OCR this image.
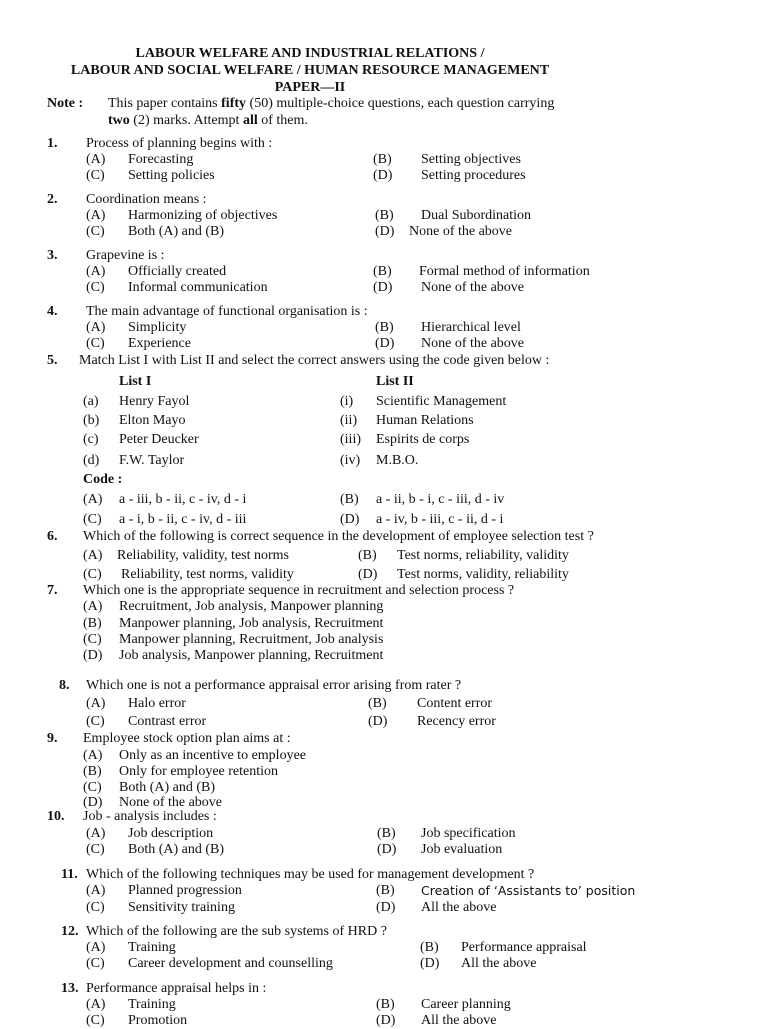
LABOUR WELFARE AND INDUSTRIAL RELATIONS /
LABOUR AND SOCIAL WELFARE / HUMAN RESOURCE MANAGEMENT
PAPER—II
Note : This paper contains fifty (50) multiple-choice questions, each question carrying
two (2) marks. Attempt all of them.
1. Process of planning begins with :
(A) Forecasting	(B) Setting objectives
(C) Setting policies	(D) Setting procedures
2. Coordination means :
(A) Harmonizing of objectives	(B) Dual Subordination
(C) Both (A) and (B)	(D) None of the above
3. Grapevine is :
(A) Officially created	(B) Formal method of information
(C) Informal communication	(D) None of the above
4. The main advantage of functional organisation is :
(A) Simplicity	(B) Hierarchical level
(C) Experience	(D) None of the above
5. Match List I with List II and select the correct answers using the code given below :
List I	List II
(a) Henry Fayol	(i) Scientific Management
(b) Elton Mayo	(ii) Human Relations
(c) Peter Deucker	(iii) Espirits de corps
(d) F.W. Taylor	(iv) M.B.O.
Code :
(A) a - iii, b - ii, c - iv, d - i	(B) a - ii, b - i, c - iii, d - iv
(C) a - i, b - ii, c - iv, d - iii	(D) a - iv, b - iii, c - ii, d - i
6. Which of the following is correct sequence in the development of employee selection test ?
(A) Reliability, validity, test norms	(B) Test norms, reliability, validity
(C) Reliability, test norms, validity	(D) Test norms, validity, reliability
7. Which one is the appropriate sequence in recruitment and selection process ?
(A) Recruitment, Job analysis, Manpower planning
(B) Manpower planning, Job analysis, Recruitment
(C) Manpower planning, Recruitment, Job analysis
(D) Job analysis, Manpower planning, Recruitment
8. Which one is not a performance appraisal error arising from rater ?
(A) Halo error	(B) Content error
(C) Contrast error	(D) Recency error
9. Employee stock option plan aims at :
(A) Only as an incentive to employee
(B) Only for employee retention
(C) Both (A) and (B)
(D) None of the above
10. Job - analysis includes :
(A) Job description	(B) Job specification
(C) Both (A) and (B)	(D) Job evaluation
11. Which of the following techniques may be used for management development ?
(A) Planned progression	(B) Creation of ‘Assistants to’ position
(C) Sensitivity training	(D) All the above
12. Which of the following are the sub systems of HRD ?
(A) Training	(B) Performance appraisal
(C) Career development and counselling	(D) All the above
13. Performance appraisal helps in :
(A) Training	(B) Career planning
(C) Promotion	(D) All the above
